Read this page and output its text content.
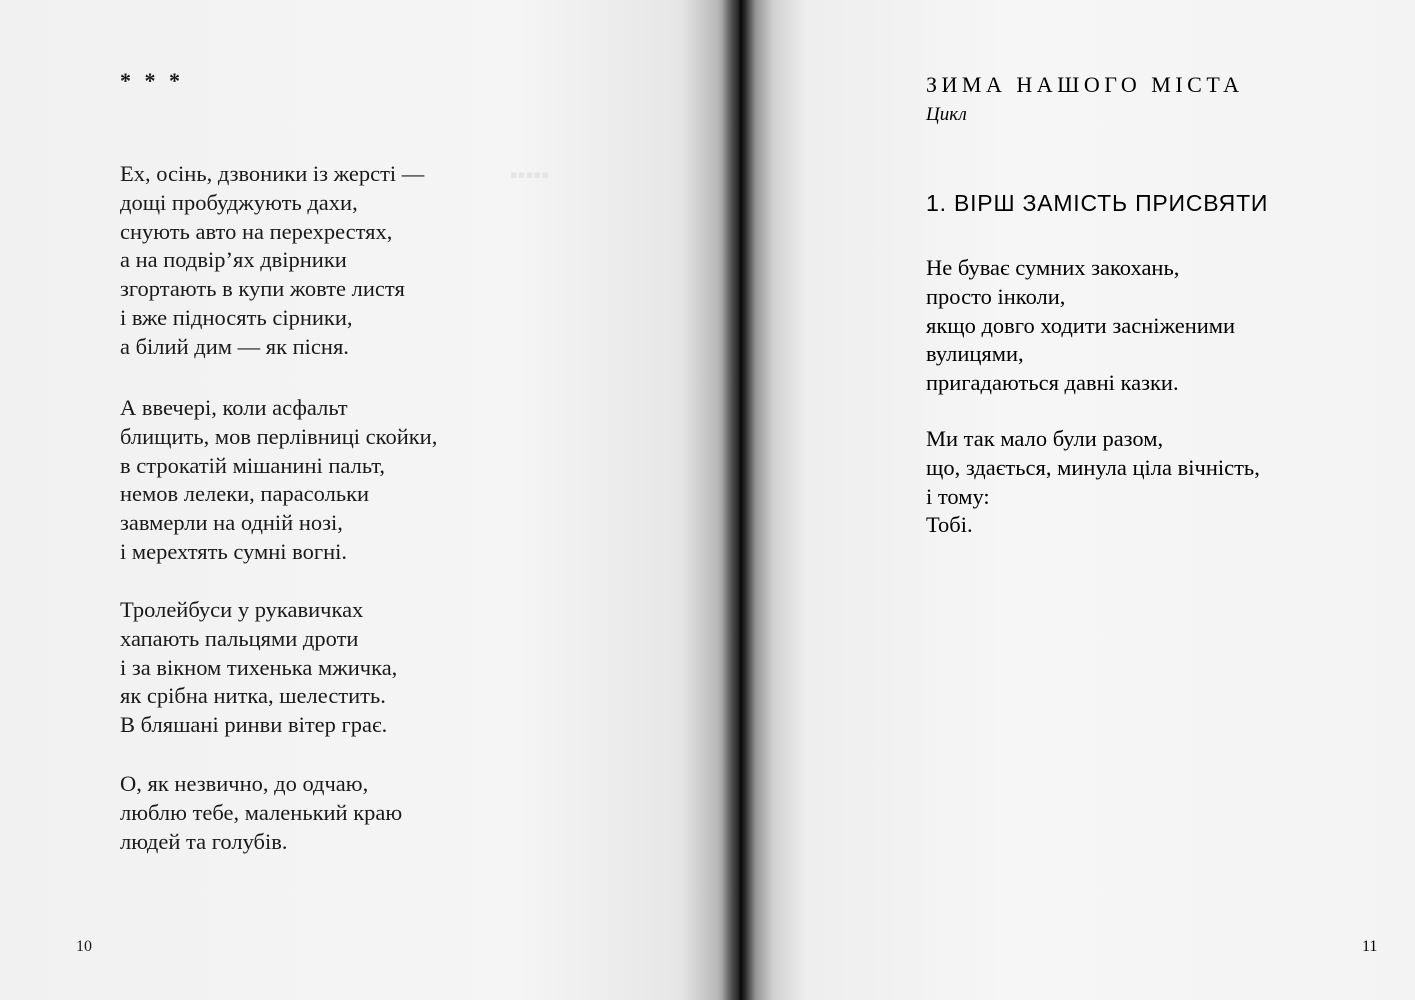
▪▪▪▪▪
* * *
Ех, осінь, дзвоники із жерсті —
дощі пробуджують дахи,
снують авто на перехрестях,
а на подвір’ях двірники
згортають в купи жовте листя
і вже підносять сірники,
а білий дим — як пісня.
А ввечері, коли асфальт
блищить, мов перлівниці скойки,
в строкатій мішанині пальт,
немов лелеки, парасольки
завмерли на одній нозі,
і мерехтять сумні вогні.
Тролейбуси у рукавичках
хапають пальцями дроти
і за вікном тихенька мжичка,
як срібна нитка, шелестить.
В бляшані ринви вітер грає.
О, як незвично, до одчаю,
люблю тебе, маленький краю
людей та голубів.
10
ЗИМА НАШОГО МІСТА
Цикл
1. ВІРШ ЗАМІСТЬ ПРИСВЯТИ
Не буває сумних закохань,
просто інколи,
якщо довго ходити засніженими
вулицями,
пригадаються давні казки.
Ми так мало були разом,
що, здається, минула ціла вічність,
і тому:
Тобі.
11
